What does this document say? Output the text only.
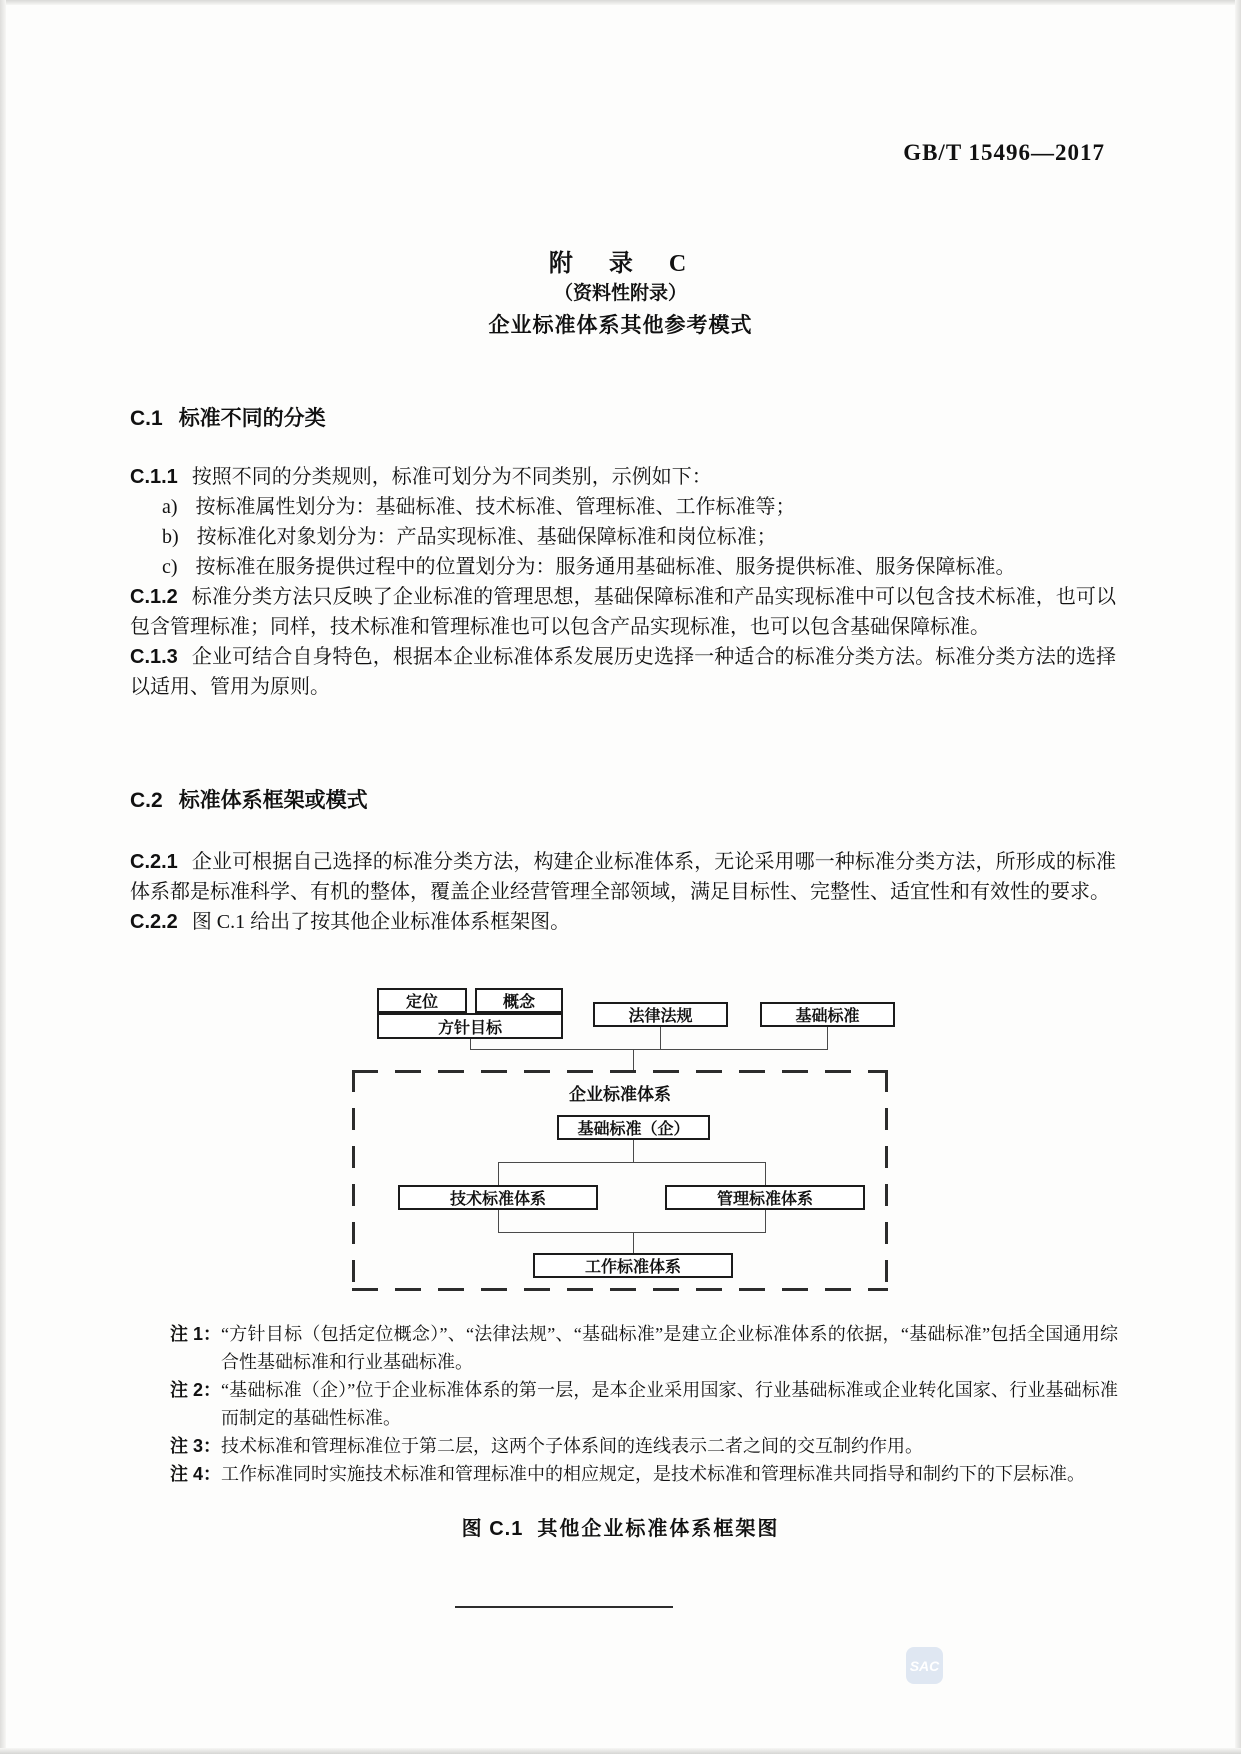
GB/T 15496—2017
附　录　C
（资料性附录）
企业标准体系其他参考模式
C.1 标准不同的分类

C.1.1 按照不同的分类规则，标准可划分为不同类别，示例如下：

a) 按标准属性划分为：基础标准、技术标准、管理标准、工作标准等；

b) 按标准化对象划分为：产品实现标准、基础保障标准和岗位标准；

c) 按标准在服务提供过程中的位置划分为：服务通用基础标准、服务提供标准、服务保障标准。

C.1.2 标准分类方法只反映了企业标准的管理思想，基础保障标准和产品实现标准中可以包含技术标准，也可以包含管理标准；同样，技术标准和管理标准也可以包含产品实现标准，也可以包含基础保障标准。

C.1.3 企业可结合自身特色，根据本企业标准体系发展历史选择一种适合的标准分类方法。标准分类方法的选择以适用、管用为原则。

C.2 标准体系框架或模式

C.2.1 企业可根据自己选择的标准分类方法，构建企业标准体系，无论采用哪一种标准分类方法，所形成的标准体系都是标准科学、有机的整体，覆盖企业经营管理全部领域，满足目标性、完整性、适宜性和有效性的要求。

C.2.2 图 C.1 给出了按其他企业标准体系框架图。

定位	概念
方针目标
法律法规	基础标准
企业标准体系
基础标准（企）
技术标准体系	管理标准体系
工作标准体系
注 1： “方针目标（包括定位概念）”、“法律法规”、“基础标准”是建立企业标准体系的依据，“基础标准”包括全国通用综合性基础标准和行业基础标准。
注 2： “基础标准（企）”位于企业标准体系的第一层，是本企业采用国家、行业基础标准或企业转化国家、行业基础标准而制定的基础性标准。
注 3： 技术标准和管理标准位于第二层，这两个子体系间的连线表示二者之间的交互制约作用。
注 4： 工作标准同时实施技术标准和管理标准中的相应规定，是技术标准和管理标准共同指导和制约下的下层标准。
图 C.1 其他企业标准体系框架图
SAC
